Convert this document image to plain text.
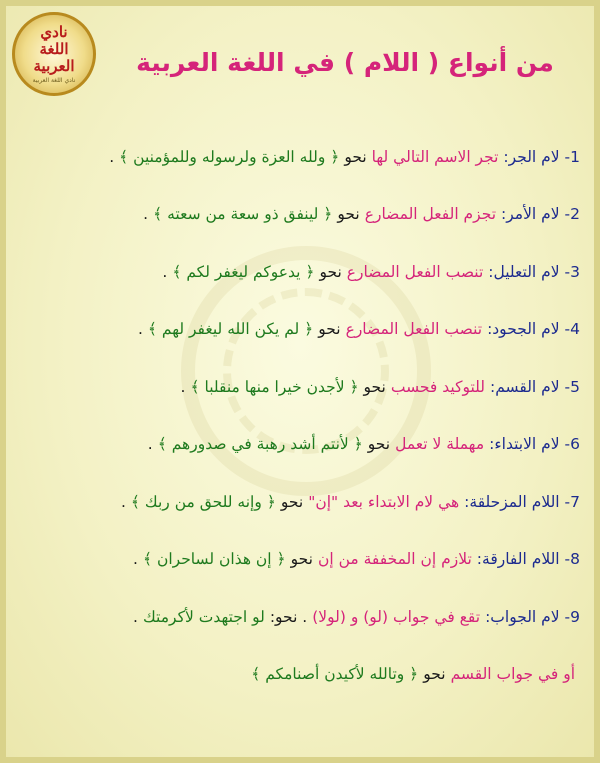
نادي
اللغة
العربية
نادي اللغة العربية
من أنواع ( اللام ) في اللغة العربية
1- لام الجر:
تجر الاسم التالي لها
نحو
﴿ ولله العزة ولرسوله وللمؤمنين ﴾
.
2- لام الأمر:
تجزم الفعل المضارع
نحو
﴿ لينفق ذو سعة من سعته ﴾
.
3- لام التعليل:
تنصب الفعل المضارع
نحو
﴿ يدعوكم ليغفر لكم ﴾
.
4- لام الجحود:
تنصب الفعل المضارع
نحو
﴿ لم يكن الله ليغفر لهم ﴾
.
5- لام القسم:
للتوكيد فحسب
نحو
﴿ لأجدن خيرا منها منقلبا ﴾
.
6- لام الابتداء:
مهملة لا تعمل
نحو
﴿ لأنتم أشد رهبة في صدورهم ﴾
.
7- اللام المزحلقة:
هي لام الابتداء بعد "إن"
نحو
﴿ وإنه للحق من ربك ﴾
.
8- اللام الفارقة:
تلازم إن المخففة من إن
نحو
﴿ إن هذان لساحران ﴾
.
9- لام الجواب:
تقع في جواب (لو) و (لولا)
. نحو:
لو اجتهدت لأكرمتك
.
أو في جواب القسم
نحو
﴿ وتالله لأكيدن أصنامكم ﴾
